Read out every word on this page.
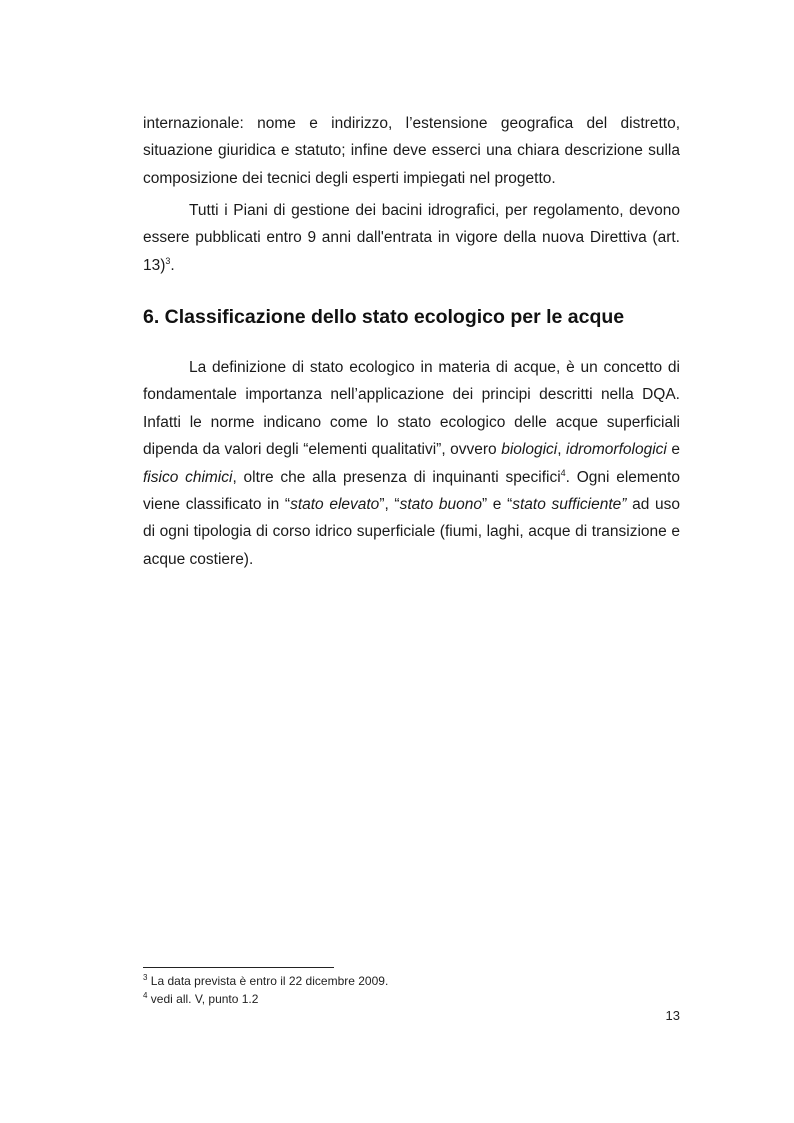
internazionale: nome e indirizzo, l’estensione geografica del distretto, situazione giuridica e statuto; infine deve esserci una chiara descrizione sulla composizione dei tecnici degli esperti impiegati nel progetto.

Tutti i Piani di gestione dei bacini idrografici, per regolamento, devono essere pubblicati entro 9 anni dall'entrata in vigore della nuova Direttiva (art. 13)$^3$.

6. Classificazione dello stato ecologico per le acque

La definizione di stato ecologico in materia di acque, è un concetto di fondamentale importanza nell’applicazione dei principi descritti nella DQA. Infatti le norme indicano come lo stato ecologico delle acque superficiali dipenda da valori degli “elementi qualitativi”, ovvero biologici, idromorfologici e fisico chimici, oltre che alla presenza di inquinanti specifici$^4$. Ogni elemento viene classificato in “stato elevato”, “stato buono” e “stato sufficiente” ad uso di ogni tipologia di corso idrico superficiale (fiumi, laghi, acque di transizione e acque costiere).

$^3$ La data prevista è entro il 22 dicembre 2009.
$^4$ vedi all. V, punto 1.2
13
